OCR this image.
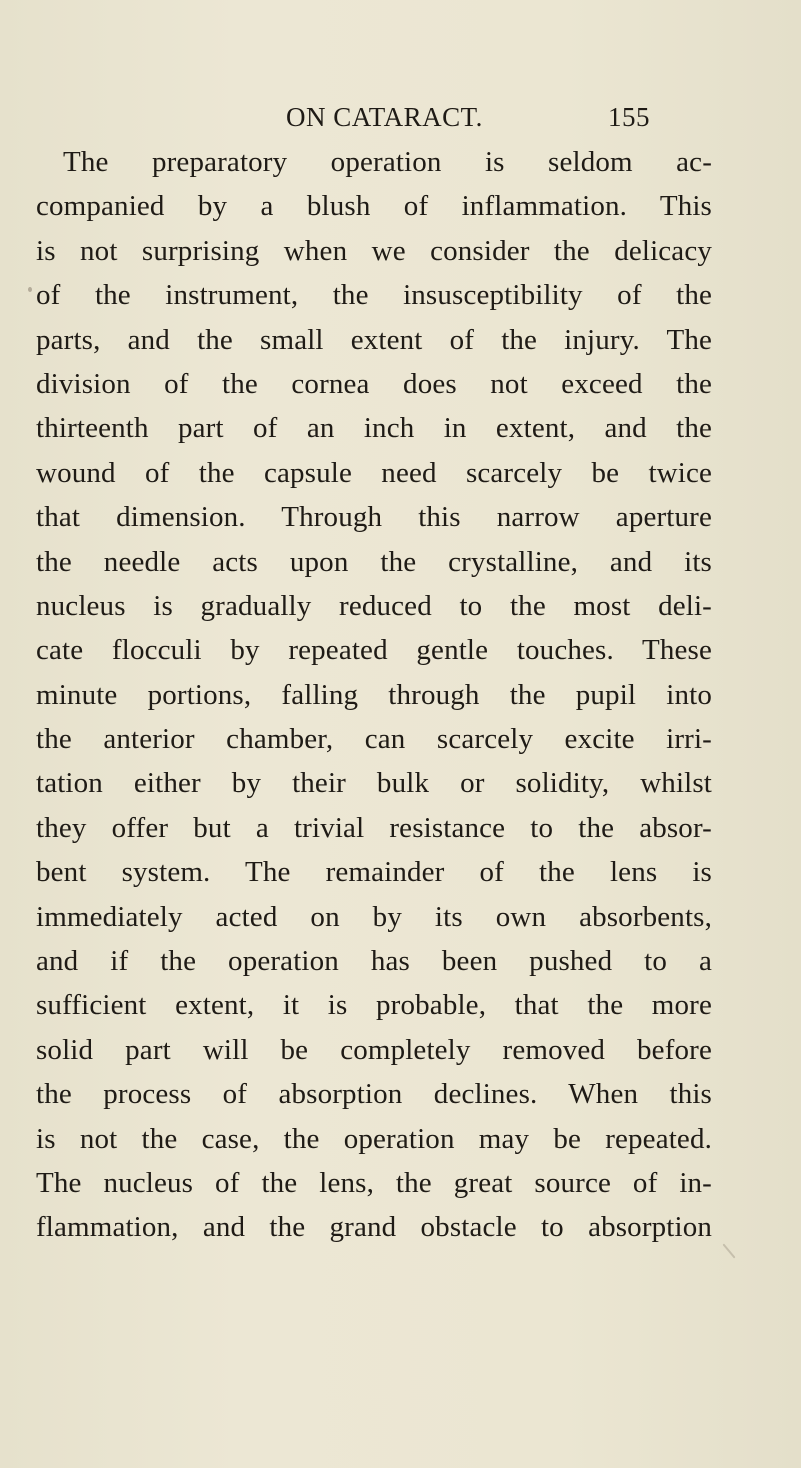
ON CATARACT.	155
The preparatory operation is seldom ac-
companied by a blush of inflammation. This
is not surprising when we consider the delicacy
of the instrument, the insusceptibility of the
parts, and the small extent of the injury. The
division of the cornea does not exceed the
thirteenth part of an inch in extent, and the
wound of the capsule need scarcely be twice
that dimension. Through this narrow aperture
the needle acts upon the crystalline, and its
nucleus is gradually reduced to the most deli-
cate flocculi by repeated gentle touches. These
minute portions, falling through the pupil into
the anterior chamber, can scarcely excite irri-
tation either by their bulk or solidity, whilst
they offer but a trivial resistance to the absor-
bent system. The remainder of the lens is
immediately acted on by its own absorbents,
and if the operation has been pushed to a
sufficient extent, it is probable, that the more
solid part will be completely removed before
the process of absorption declines. When this
is not the case, the operation may be repeated.
The nucleus of the lens, the great source of in-
flammation, and the grand obstacle to absorption
